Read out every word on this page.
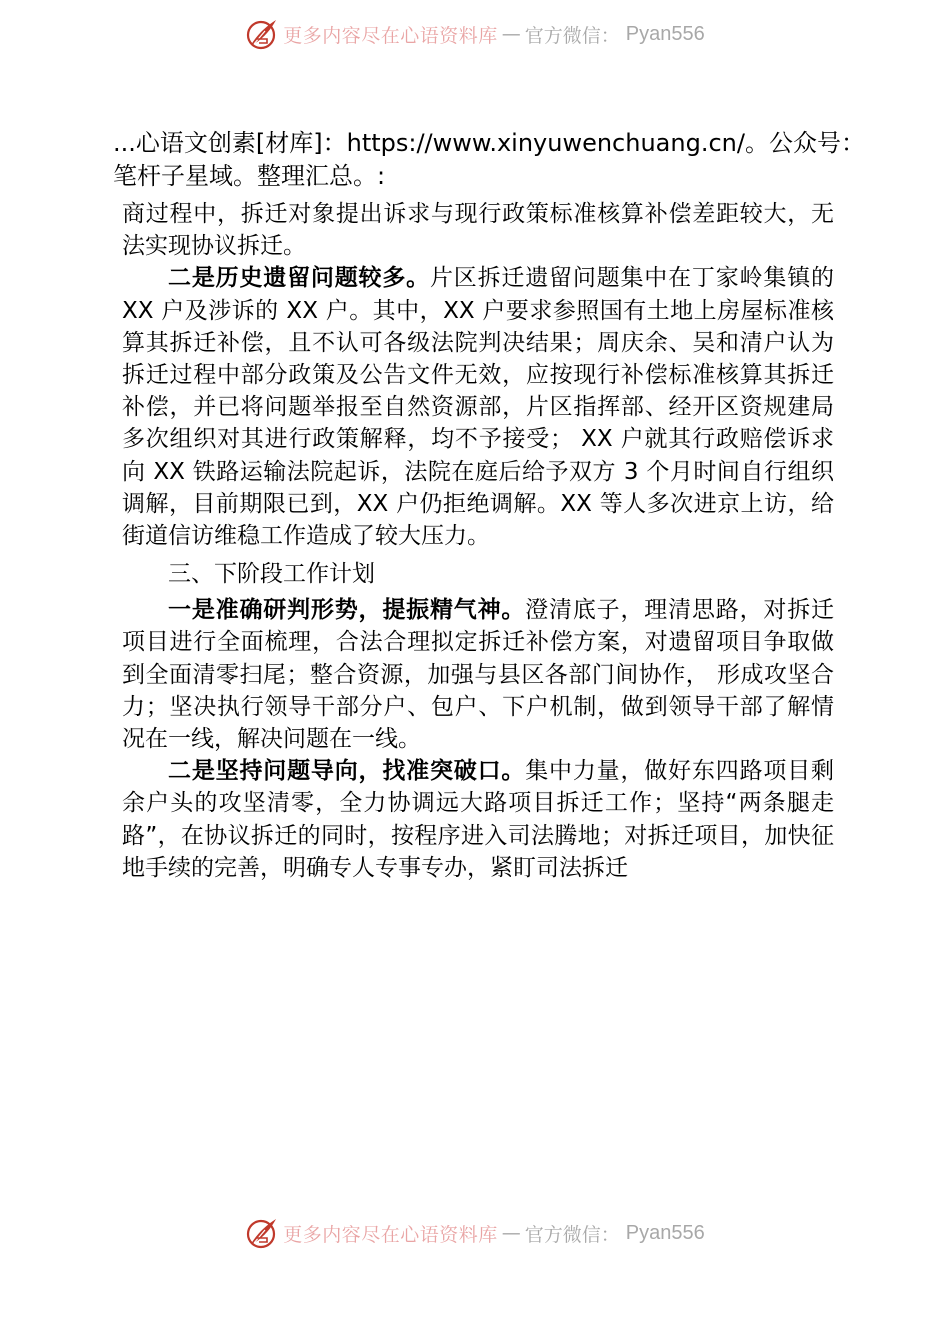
更多内容尽在心语资料库 — 官方微信： Pyan556

...心语文创素[材库]：https://www.xinyuwenchuang.cn/。公众号：笔杆子星域。整理汇总。:

商过程中，拆迁对象提出诉求与现行政策标准核算补偿差距较大，无法实现协议拆迁。

二是历史遗留问题较多。片区拆迁遗留问题集中在丁家岭集镇的 XX 户及涉诉的 XX 户。其中，XX 户要求参照国有土地上房屋标准核算其拆迁补偿，且不认可各级法院判决结果；周庆余、吴和清户认为拆迁过程中部分政策及公告文件无效，应按现行补偿标准核算其拆迁补偿，并已将问题举报至自然资源部，片区指挥部、经开区资规建局多次组织对其进行政策解释，均不予接受； XX 户就其行政赔偿诉求向 XX 铁路运输法院起诉，法院在庭后给予双方 3 个月时间自行组织调解，目前期限已到，XX 户仍拒绝调解。XX 等人多次进京上访，给街道信访维稳工作造成了较大压力。

三、下阶段工作计划

一是准确研判形势，提振精气神。澄清底子，理清思路，对拆迁项目进行全面梳理，合法合理拟定拆迁补偿方案，对遗留项目争取做到全面清零扫尾；整合资源，加强与县区各部门间协作， 形成攻坚合力；坚决执行领导干部分户、包户、下户机制，做到领导干部了解情况在一线，解决问题在一线。

二是坚持问题导向，找准突破口。集中力量，做好东四路项目剩余户头的攻坚清零，全力协调远大路项目拆迁工作；坚持“两条腿走路”，在协议拆迁的同时，按程序进入司法腾地；对拆迁项目，加快征地手续的完善，明确专人专事专办，紧盯司法拆迁

更多内容尽在心语资料库 — 官方微信： Pyan556
